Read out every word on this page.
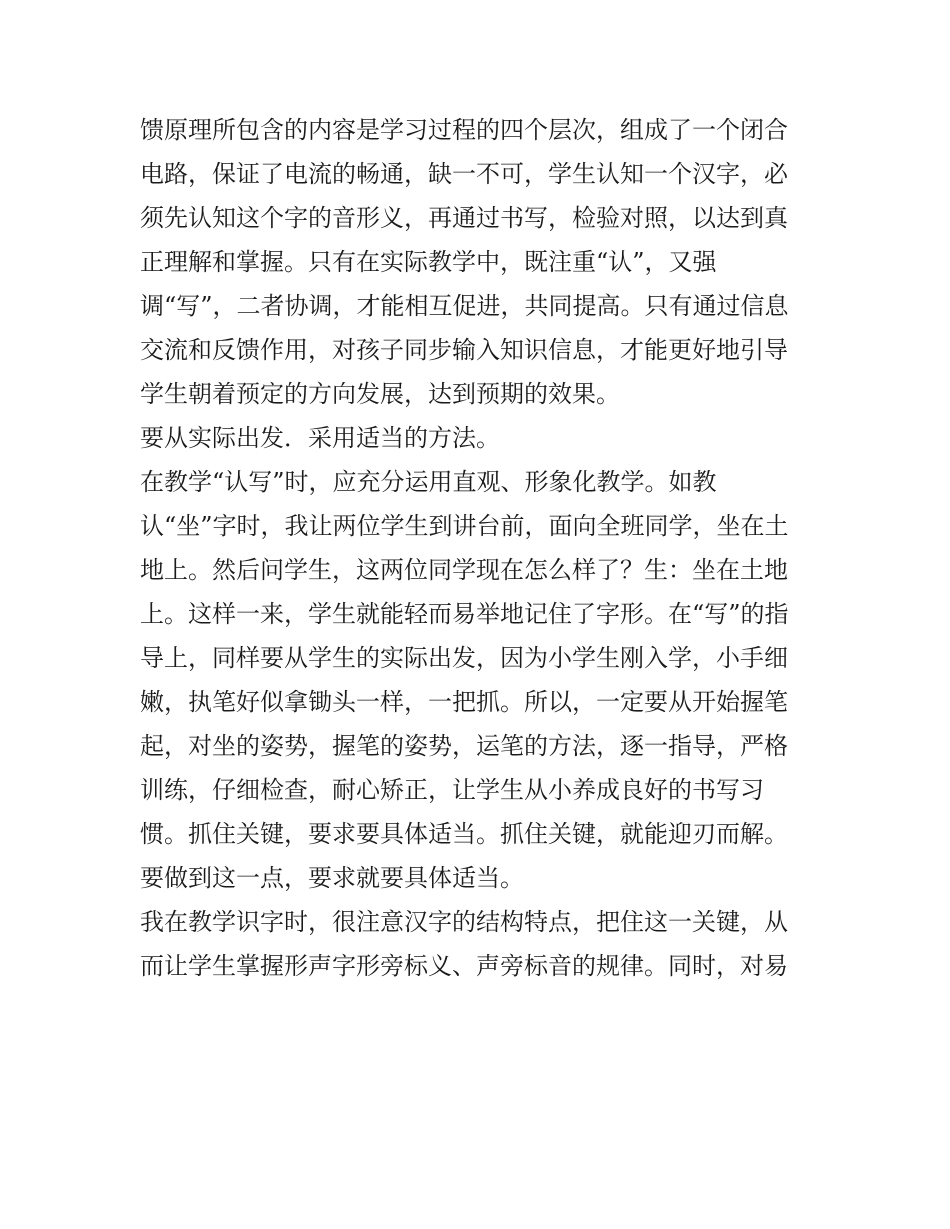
馈原理所包含的内容是学习过程的四个层次，组成了一个闭合
电路，保证了电流的畅通，缺一不可，学生认知一个汉字，必
须先认知这个字的音形义，再通过书写，检验对照，以达到真
正理解和掌握。只有在实际教学中，既注重“认”，又强
调“写”，二者协调，才能相互促进，共同提高。只有通过信息
交流和反馈作用，对孩子同步输入知识信息，才能更好地引导
学生朝着预定的方向发展，达到预期的效果。
要从实际出发．采用适当的方法。
在教学“认写”时，应充分运用直观、形象化教学。如教
认“坐”字时，我让两位学生到讲台前，面向全班同学，坐在土
地上。然后问学生，这两位同学现在怎么样了？生：坐在土地
上。这样一来，学生就能轻而易举地记住了字形。在“写”的指
导上，同样要从学生的实际出发，因为小学生刚入学，小手细
嫩，执笔好似拿锄头一样，一把抓。所以，一定要从开始握笔
起，对坐的姿势，握笔的姿势，运笔的方法，逐一指导，严格
训练，仔细检查，耐心矫正，让学生从小养成良好的书写习
惯。抓住关键，要求要具体适当。抓住关键，就能迎刃而解。
要做到这一点，要求就要具体适当。
我在教学识字时，很注意汉字的结构特点，把住这一关键，从
而让学生掌握形声字形旁标义、声旁标音的规律。同时，对易
